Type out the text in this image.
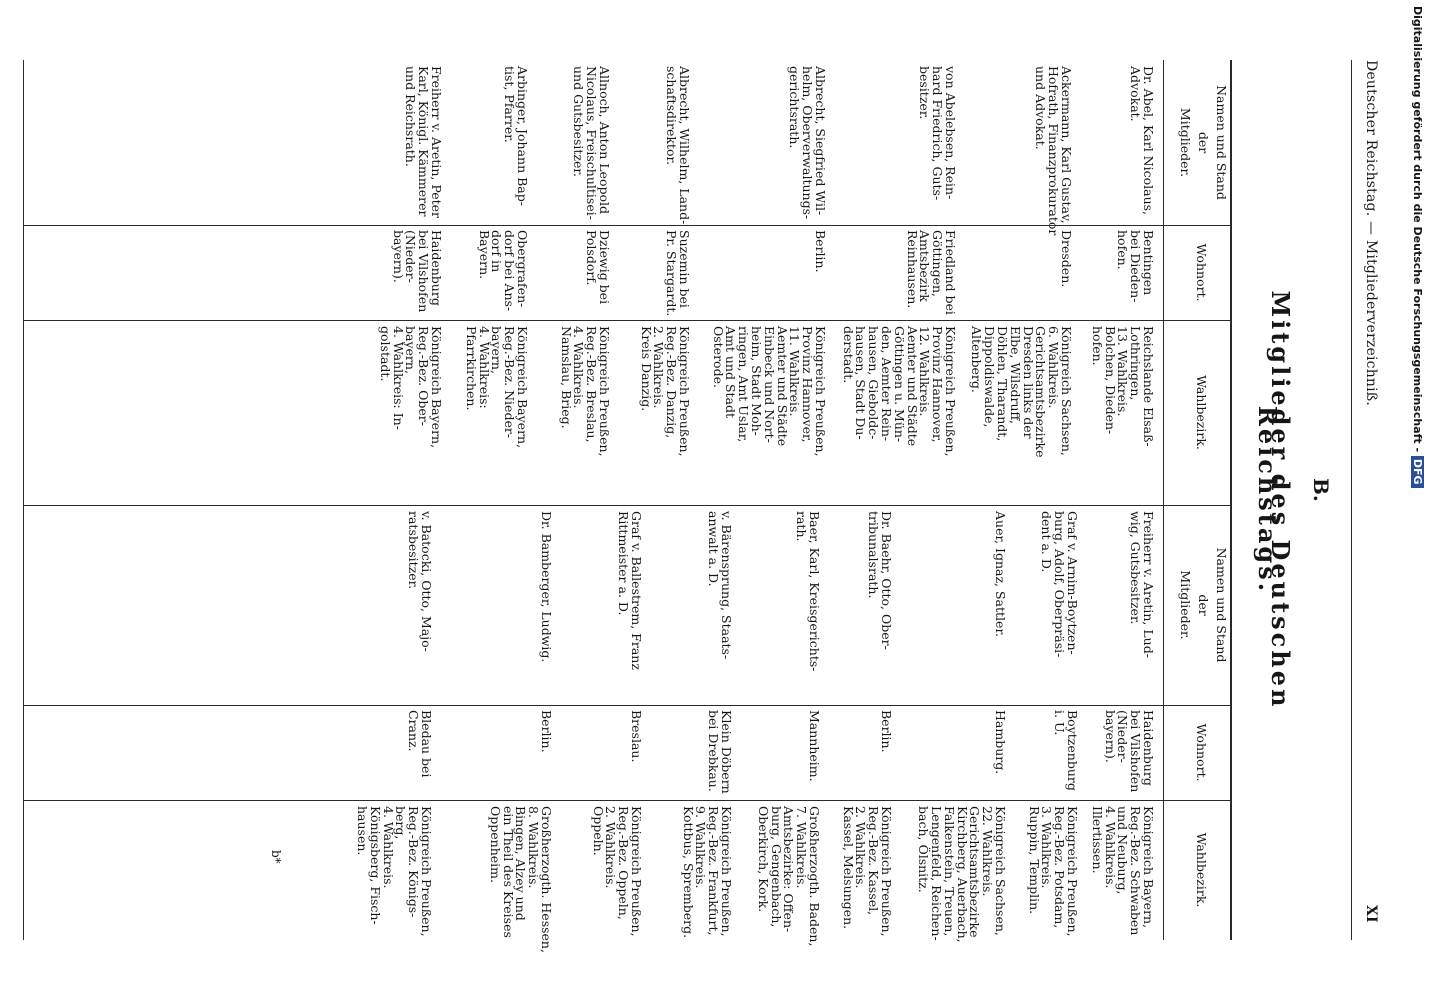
Deutscher Reichstag. — Mitgliederverzeichniß.
XI
B.
Mitglieder des Deutschen Reichstags.
Namen und Stand
der
Mitglieder.
Wohnort.
Wahlbezirk.
Namen und Stand
der
Mitglieder.
Wohnort.
Wahlbezirk.
Dr. Abel, Karl Nicolaus,
Advokat.
Bentingen
bei Dieden-
hofen.
Reichslande Elsaß-
Lothringen,
13. Wahlkreis.
Bolchen, Dieden-
hofen.
Ackermann, Karl Gustav,
Hofrath, Finanzprokurator
und Advokat.
Dresden.
Königreich Sachsen,
6. Wahlkreis.
Gerichtsamtsbezirke
Dresden links der
Elbe, Wilsdruff,
Döhlen, Tharandt,
Dippoldiswalde,
Altenberg.
von Abelebsen, Rein-
hard Friedrich, Guts-
besitzer.
Friedland bei
Göttingen,
Amtsbezirk
Reinhausen.
Königreich Preußen,
Provinz Hannover,
12. Wahlkreis.
Aemter und Städte
Göttingen u. Mün-
den, Aemter Rein-
hausen, Gieboldc-
hausen, Stadt Du-
derstadt.
Albrecht, Siegfried Wil-
helm, Oberverwaltungs-
gerichtsrath.
Berlin.
Königreich Preußen,
Provinz Hannover,
11. Wahlkreis.
Aemter und Städte
Einbeck und Nort-
heim, Stadt Moh-
ringen, Amt Uslar,
Amt und Stadt
Osterode.
Albrecht, Wilhelm, Land-
schaftsdirektor.
Suzemin bei
Pr. Stargardt.
Königreich Preußen,
Reg.-Bez. Danzig,
2. Wahlkreis.
Kreis Danzig.
Allnoch, Anton Leopold
Nicolaus, Freischultisei-
und Gutsbesitzer.
Dziewig bei
Polsdorf.
Königreich Preußen,
Reg.-Bez. Breslau,
4. Wahlkreis.
Namslau, Brieg.
Arbinger, Johann Bap-
tist, Pfarrer.
Obergrafen-
dorf bei Ans-
dorf in
Bayern.
Königreich Bayern,
Reg.-Bez. Nieder-
bayern,
4. Wahlkreis:
Pfarrkirchen.
Freiherr v. Aretin, Peter
Karl, Königl. Kämmerer
und Reichsrath.
Haidenburg
bei Vilshofen
(Nieder-
bayern).
Königreich Bayern,
Reg.-Bez. Ober-
bayern,
4. Wahlkreis: In-
golstadt.
Freiherr v. Aretin, Lud-
wig, Gutsbesitzer.
Haidenburg
bei Vilshofen
(Nieder-
bayern).
Königreich Bayern,
Reg.-Bez. Schwaben
und Neuburg,
4. Wahlkreis.
Illertissen.
Graf v. Arnim-Boytzen-
burg, Adolf, Oberpräsi-
dent a. D.
Boytzenburg
i. U.
Königreich Preußen,
Reg.-Bez. Potsdam,
3. Wahlkreis.
Ruppin, Templin.
Auer, Ignaz, Sattler.
Hamburg.
Königreich Sachsen,
22. Wahlkreis.
Gerichtsamtsbezirke
Kirchberg, Auerbach,
Falkenstein, Treuen,
Lengenfeld, Reichen-
bach, Ölsnitz.
Dr. Baehr, Otto, Ober-
tribunalsrath.
Berlin.
Königreich Preußen,
Reg.-Bez. Kassel,
2. Wahlkreis.
Kassel, Melsungen.
Baer, Karl, Kreisgerichts-
rath.
Mannheim.
Großherzogth. Baden,
7. Wahlkreis.
Amtsbezirke: Offen-
burg, Gengenbach,
Oberkirch, Kork.
v. Bärensprung, Staats-
anwalt a. D.
Klein Döbern
bei Drebkau.
Königreich Preußen,
Reg.-Bez. Frankfurt,
9. Wahlkreis.
Kottbus, Spremberg.
Graf v. Ballestrem, Franz
Rittmeister a. D.
Breslau.
Königreich Preußen,
Reg.-Bez. Oppeln,
2. Wahlkreis.
Oppeln.
Dr. Bamberger, Ludwig.
Berlin.
Großherzogth. Hessen,
8. Wahlkreis.
Bingen, Alzey und
ein Theil des Kreises
Oppenheim.
v. Batocki, Otto, Majo-
ratsbesitzer.
Bledau bei
Cranz.
Königreich Preußen,
Reg.-Bez. Königs-
berg,
4. Wahlkreis.
Königsberg, Fisch-
hausen.
b*
Digitalisierung gefördert durch die Deutsche Forschungsgemeinschaft - DFG
